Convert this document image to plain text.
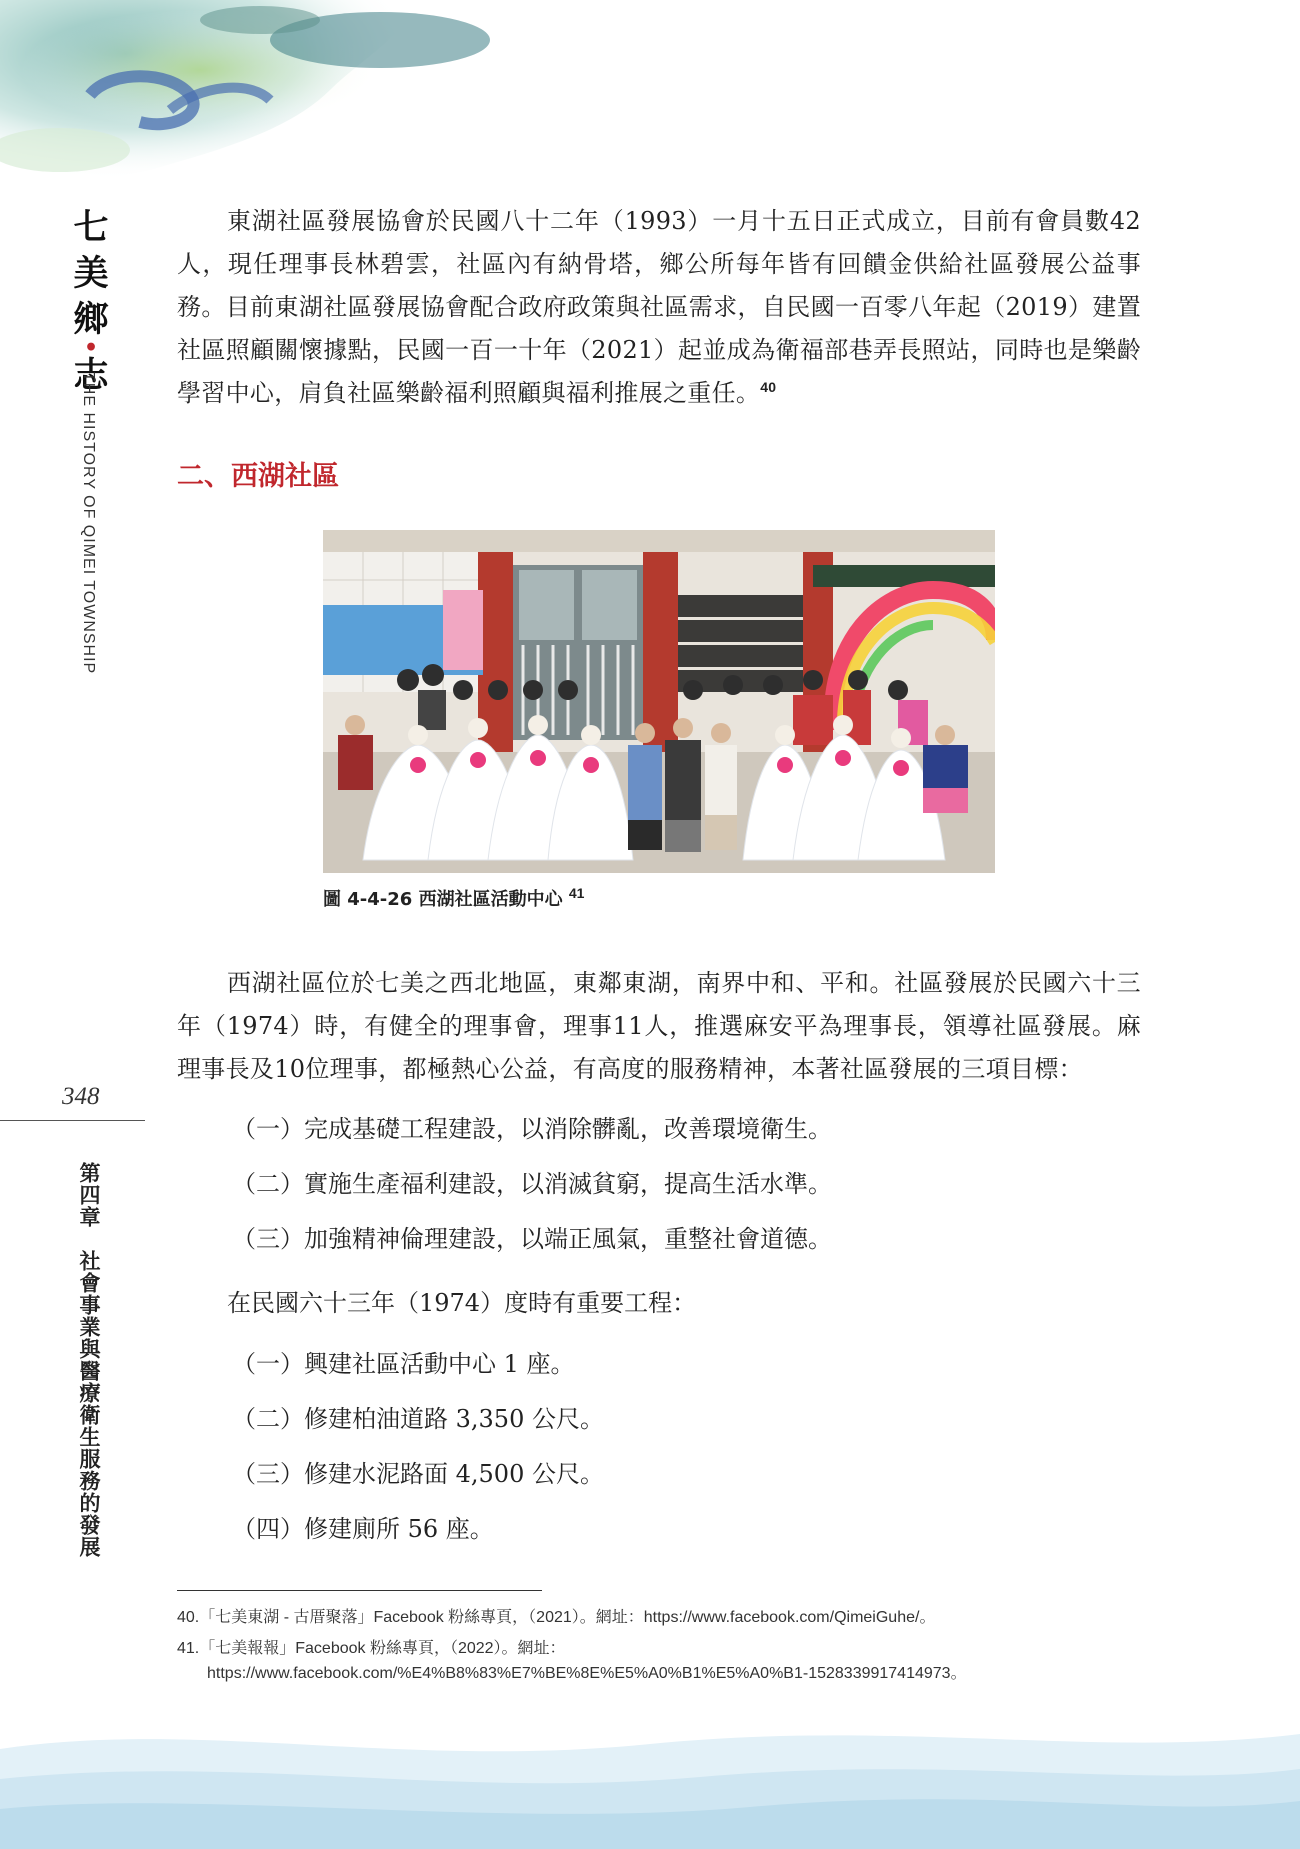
七
美
鄉
•
志
THE HISTORY OF QIMEI TOWNSHIP
348
第四章　社會事業與醫療衛生服務的發展

東湖社區發展協會於民國八十二年（1993）一月十五日正式成立，目前有會員數42人，現任理事長林碧雲，社區內有納骨塔，鄉公所每年皆有回饋金供給社區發展公益事務。目前東湖社區發展協會配合政府政策與社區需求，自民國一百零八年起（2019）建置社區照顧關懷據點，民國一百一十年（2021）起並成為衛福部巷弄長照站，同時也是樂齡學習中心，肩負社區樂齡福利照顧與福利推展之重任。$^{40}$

二、西湖社區
圖 4-4-26 西湖社區活動中心 $^{41}$

西湖社區位於七美之西北地區，東鄰東湖，南界中和、平和。社區發展於民國六十三年（1974）時，有健全的理事會，理事11人，推選麻安平為理事長，領導社區發展。麻理事長及10位理事，都極熱心公益，有高度的服務精神，本著社區發展的三項目標：

（一）完成基礎工程建設，以消除髒亂，改善環境衛生。
（二）實施生產福利建設，以消滅貧窮，提高生活水準。
（三）加強精神倫理建設，以端正風氣，重整社會道德。
在民國六十三年（1974）度時有重要工程：
（一）興建社區活動中心 1 座。
（二）修建柏油道路 3,350 公尺。
（三）修建水泥路面 4,500 公尺。
（四）修建廁所 56 座。
40.「七美東湖 - 古厝聚落」Facebook 粉絲專頁，（2021）。網址：https://www.facebook.com/QimeiGuhe/。
41.「七美報報」Facebook 粉絲專頁，（2022）。網址：https://www.facebook.com/%E4%B8%83%E7%BE%8E%E5%A0%B1%E5%A0%B1-1528339917414973。
